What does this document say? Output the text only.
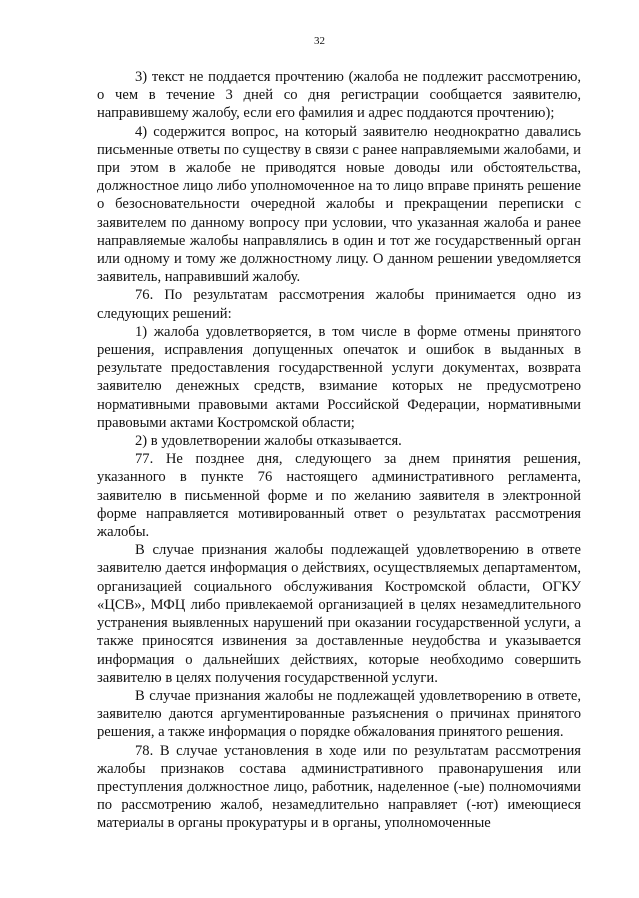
32

3) текст не поддается прочтению (жалоба не подлежит рассмотрению, о чем в течение 3 дней со дня регистрации сообщается заявителю, направившему жалобу, если его фамилия и адрес поддаются прочтению);

4) содержится вопрос, на который заявителю неоднократно давались письменные ответы по существу в связи с ранее направляемыми жалобами, и при этом в жалобе не приводятся новые доводы или обстоятельства, должностное лицо либо уполномоченное на то лицо вправе принять решение о безосновательности очередной жалобы и прекращении переписки с заявителем по данному вопросу при условии, что указанная жалоба и ранее направляемые жалобы направлялись в один и тот же государственный орган или одному и тому же должностному лицу. О данном решении уведомляется заявитель, направивший жалобу.

76. По результатам рассмотрения жалобы принимается одно из следующих решений:

1) жалоба удовлетворяется, в том числе в форме отмены принятого решения, исправления допущенных опечаток и ошибок в выданных в результате предоставления государственной услуги документах, возврата заявителю денежных средств, взимание которых не предусмотрено нормативными правовыми актами Российской Федерации, нормативными правовыми актами Костромской области;

2) в удовлетворении жалобы отказывается.

77. Не позднее дня, следующего за днем принятия решения, указанного в пункте 76 настоящего административного регламента, заявителю в письменной форме и по желанию заявителя в электронной форме направляется мотивированный ответ о результатах рассмотрения жалобы.

В случае признания жалобы подлежащей удовлетворению в ответе заявителю дается информация о действиях, осуществляемых департаментом, организацией социального обслуживания Костромской области, ОГКУ «ЦСВ», МФЦ либо привлекаемой организацией в целях незамедлительного устранения выявленных нарушений при оказании государственной услуги, а также приносятся извинения за доставленные неудобства и указывается информация о дальнейших действиях, которые необходимо совершить заявителю в целях получения государственной услуги.

В случае признания жалобы не подлежащей удовлетворению в ответе, заявителю даются аргументированные разъяснения о причинах принятого решения, а также информация о порядке обжалования принятого решения.

78. В случае установления в ходе или по результатам рассмотрения жалобы признаков состава административного правонарушения или преступления должностное лицо, работник, наделенное (-ые) полномочиями по рассмотрению жалоб, незамедлительно направляет (-ют) имеющиеся материалы в органы прокуратуры и в органы, уполномоченные
